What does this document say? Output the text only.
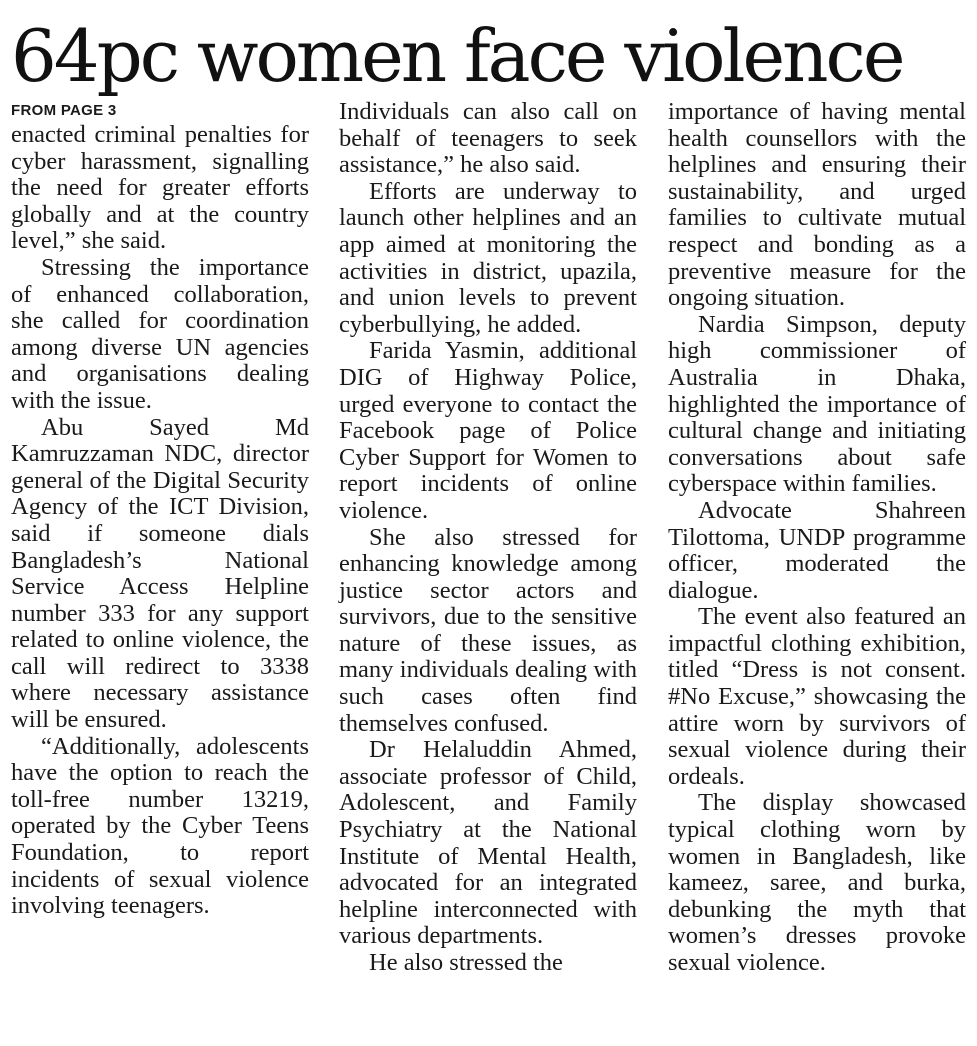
64pc women face violence
FROM PAGE 3

enacted criminal penalties for cyber harassment, signalling the need for greater efforts globally and at the country level,” she said.

Stressing the importance of enhanced collaboration, she called for coordination among diverse UN agencies and organisations dealing with the issue.

Abu Sayed Md Kamruzzaman NDC, director general of the Digital Security Agency of the ICT Division, said if someone dials Bangladesh’s National Service Access Helpline number 333 for any support related to online violence, the call will redirect to 3338 where necessary assistance will be ensured.

“Additionally, adolescents have the option to reach the toll-free number 13219, operated by the Cyber Teens Foundation, to report incidents of sexual violence involving teenagers.

Individuals can also call on behalf of teenagers to seek assistance,” he also said.

Efforts are underway to launch other helplines and an app aimed at monitoring the activities in district, upazila, and union levels to prevent cyberbullying, he added.

Farida Yasmin, additional DIG of Highway Police, urged everyone to contact the Facebook page of Police Cyber Support for Women to report incidents of online violence.

She also stressed for enhancing knowledge among justice sector actors and survivors, due to the sensitive nature of these issues, as many individuals dealing with such cases often find themselves confused.

Dr Helaluddin Ahmed, associate professor of Child, Adolescent, and Family Psychiatry at the National Institute of Mental Health, advocated for an integrated helpline interconnected with various departments.

He also stressed the

importance of having mental health counsellors with the helplines and ensuring their sustainability, and urged families to cultivate mutual respect and bonding as a preventive measure for the ongoing situation.

Nardia Simpson, deputy high commissioner of Australia in Dhaka, highlighted the importance of cultural change and initiating conversations about safe cyberspace within families.

Advocate Shahreen Tilottoma, UNDP programme officer, moderated the dialogue.

The event also featured an impactful clothing exhibition, titled “Dress is not consent. #No Excuse,” showcasing the attire worn by survivors of sexual violence during their ordeals.

The display showcased typical clothing worn by women in Bangladesh, like kameez, saree, and burka, debunking the myth that women’s dresses provoke sexual violence.
